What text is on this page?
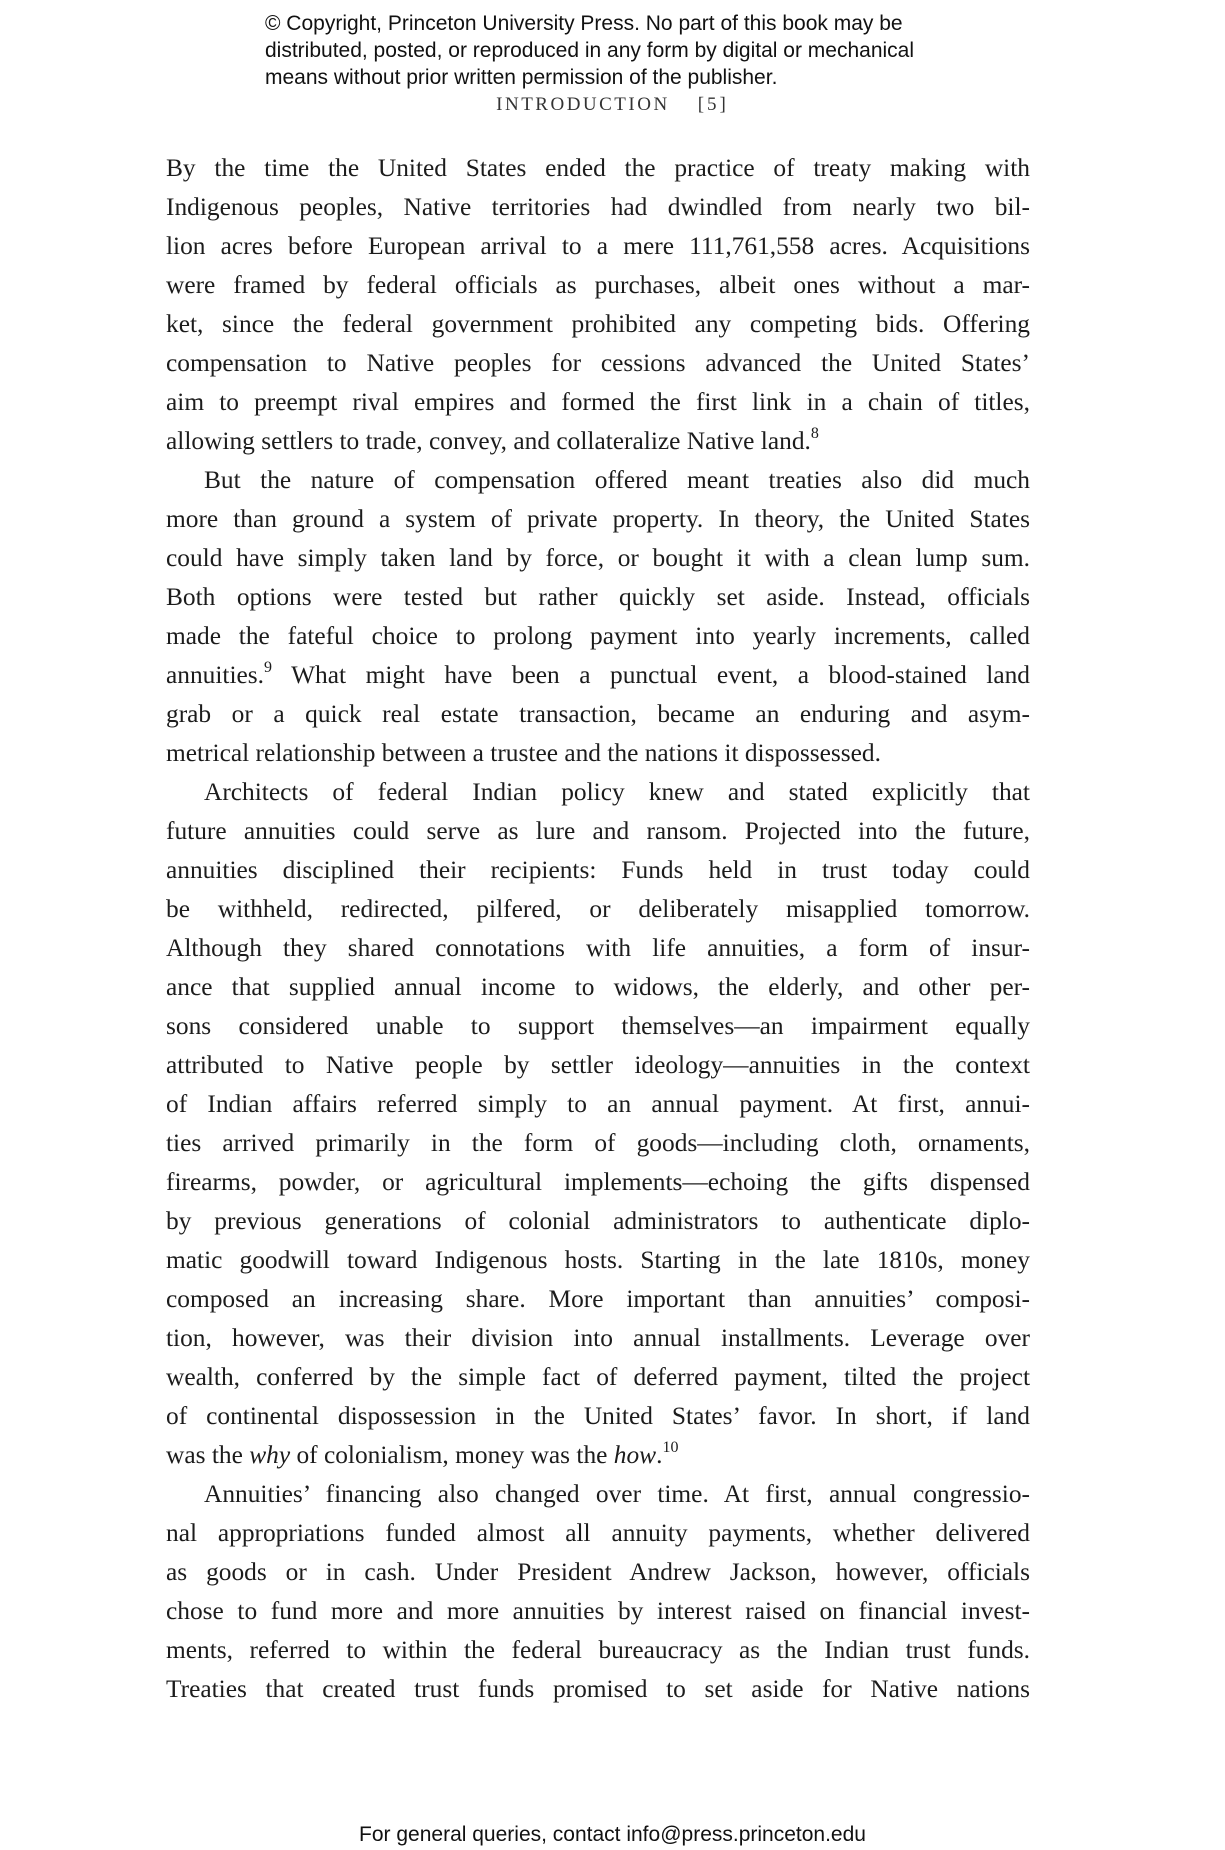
© Copyright, Princeton University Press. No part of this book may be
distributed, posted, or reproduced in any form by digital or mechanical
means without prior written permission of the publisher.
INTRODUCTION [5]

By the time the United States ended the practice of treaty making with
Indigenous peoples, Native territories had dwindled from nearly two bil-
lion acres before European arrival to a mere 111,761,558 acres. Acquisitions
were framed by federal officials as purchases, albeit ones without a mar-
ket, since the federal government prohibited any competing bids. Offering
compensation to Native peoples for cessions advanced the United States’
aim to preempt rival empires and formed the first link in a chain of titles,
allowing settlers to trade, convey, and collateralize Native land.$^8$

But the nature of compensation offered meant treaties also did much
more than ground a system of private property. In theory, the United States
could have simply taken land by force, or bought it with a clean lump sum.
Both options were tested but rather quickly set aside. Instead, officials
made the fateful choice to prolong payment into yearly increments, called
annuities.$^9$ What might have been a punctual event, a blood-stained land
grab or a quick real estate transaction, became an enduring and asym-
metrical relationship between a trustee and the nations it dispossessed.

Architects of federal Indian policy knew and stated explicitly that
future annuities could serve as lure and ransom. Projected into the future,
annuities disciplined their recipients: Funds held in trust today could
be withheld, redirected, pilfered, or deliberately misapplied tomorrow.
Although they shared connotations with life annuities, a form of insur-
ance that supplied annual income to widows, the elderly, and other per-
sons considered unable to support themselves—an impairment equally
attributed to Native people by settler ideology—annuities in the context
of Indian affairs referred simply to an annual payment. At first, annui-
ties arrived primarily in the form of goods—including cloth, ornaments,
firearms, powder, or agricultural implements—echoing the gifts dispensed
by previous generations of colonial administrators to authenticate diplo-
matic goodwill toward Indigenous hosts. Starting in the late 1810s, money
composed an increasing share. More important than annuities’ composi-
tion, however, was their division into annual installments. Leverage over
wealth, conferred by the simple fact of deferred payment, tilted the project
of continental dispossession in the United States’ favor. In short, if land
was the why of colonialism, money was the how.$^{10}$

Annuities’ financing also changed over time. At first, annual congressio-
nal appropriations funded almost all annuity payments, whether delivered
as goods or in cash. Under President Andrew Jackson, however, officials
chose to fund more and more annuities by interest raised on financial invest-
ments, referred to within the federal bureaucracy as the Indian trust funds.
Treaties that created trust funds promised to set aside for Native nations

For general queries, contact info@press.princeton.edu
